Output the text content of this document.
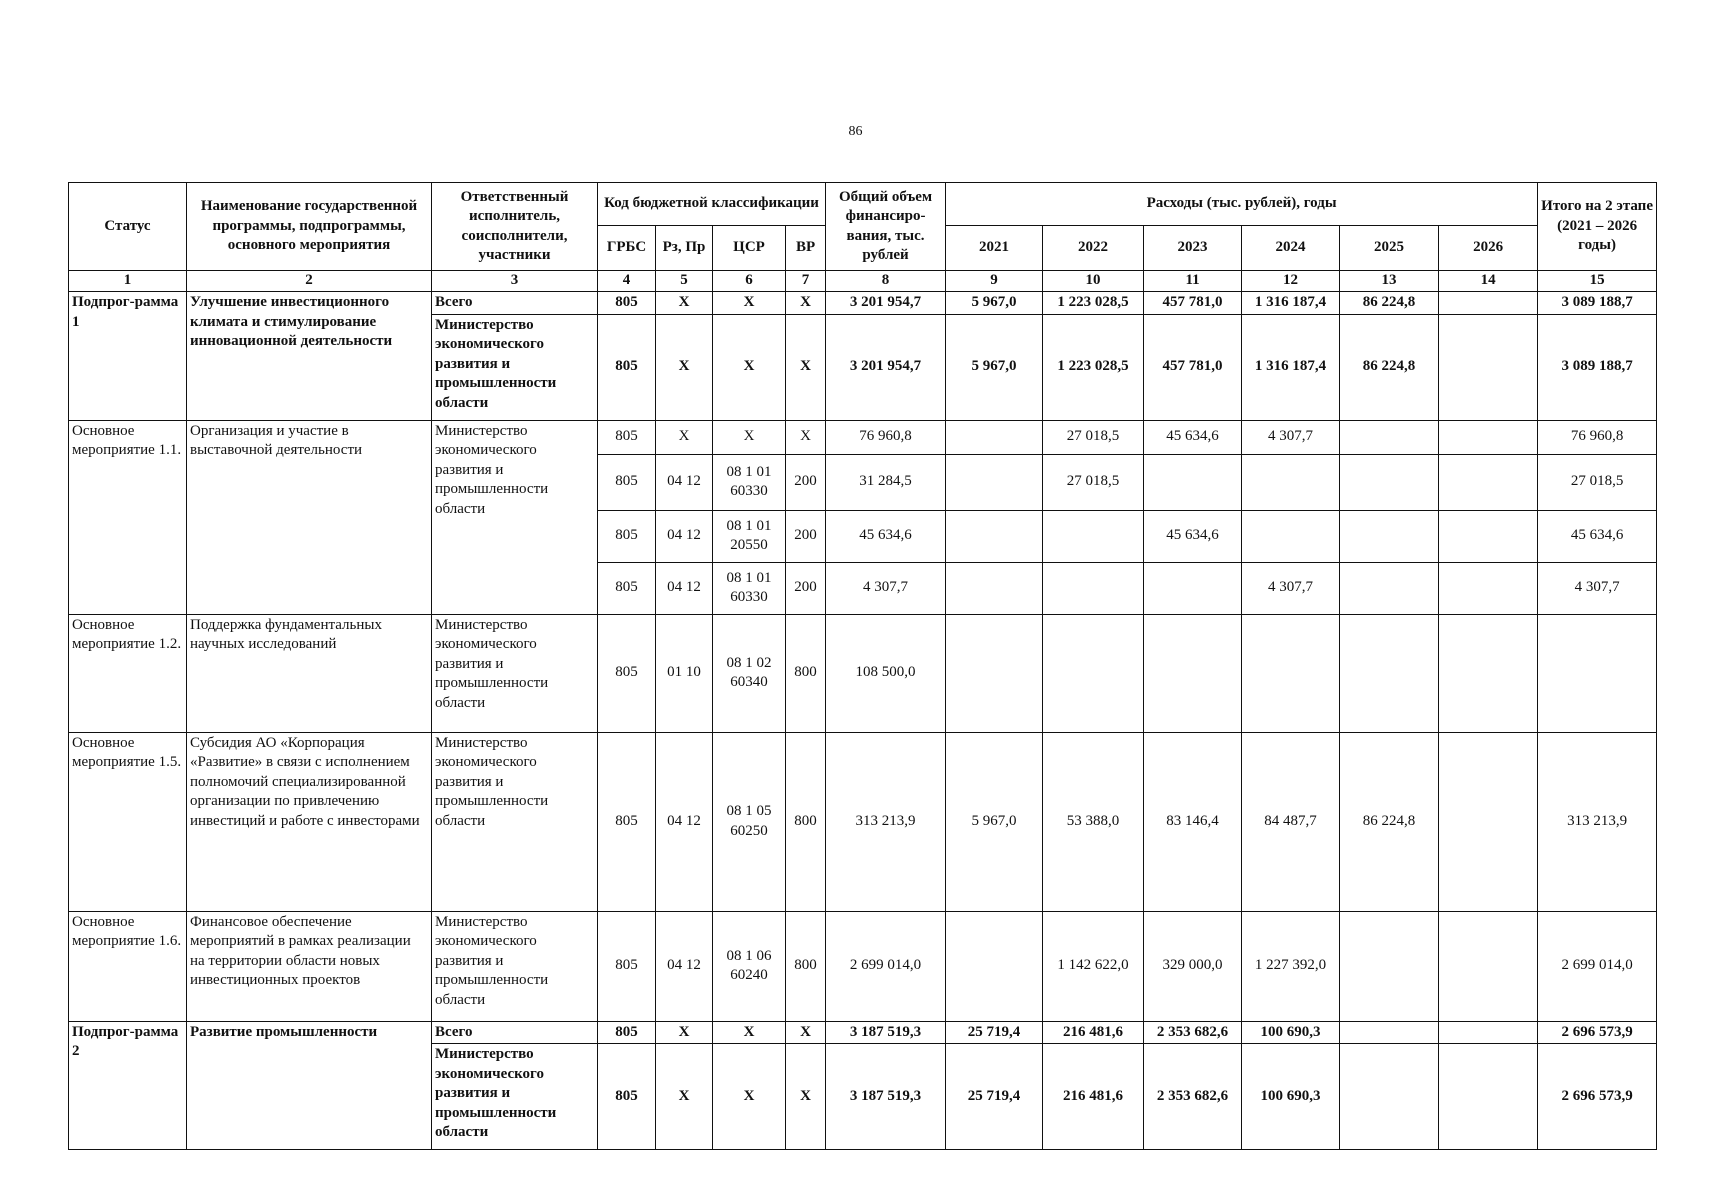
86
Статус	Наименование государственной программы, подпрограммы, основного мероприятия	Ответственный исполнитель, соисполнители, участники	Код бюджетной классификации				Общий объем финансиро-вания, тыс. рублей	Расходы (тыс. рублей), годы						Итого на 2 этапе (2021 – 2026 годы)
			ГРБС	Рз, Пр	ЦСР	ВР		2021	2022	2023	2024	2025	2026	
1	2	3	4	5	6	7	8	9	10	11	12	13	14	15
Подпрог-рамма 1	Улучшение инвестиционного климата и стимулирование инновационной деятельности	Всего	805	Х	Х	Х	3 201 954,7	5 967,0	1 223 028,5	457 781,0	1 316 187,4	86 224,8		3 089 188,7
		Министерство экономического развития и промышленности области	805	Х	Х	Х	3 201 954,7	5 967,0	1 223 028,5	457 781,0	1 316 187,4	86 224,8		3 089 188,7
Основное мероприятие 1.1.	Организация и участие в выставочной деятельности	Министерство экономического развития и промышленности области	805	Х	Х	Х	76 960,8		27 018,5	45 634,6	4 307,7			76 960,8
			805	04 12	08 1 01 60330	200	31 284,5		27 018,5					27 018,5
			805	04 12	08 1 01 20550	200	45 634,6			45 634,6				45 634,6
			805	04 12	08 1 01 60330	200	4 307,7				4 307,7			4 307,7
Основное мероприятие 1.2.	Поддержка фундаментальных научных исследований	Министерство экономического развития и промышленности области	805	01 10	08 1 02 60340	800	108 500,0							
Основное мероприятие 1.5.	Субсидия АО «Корпорация «Развитие» в связи с исполнением полномочий специализированной организации по привлечению инвестиций и работе с инвесторами	Министерство экономического развития и промышленности области	805	04 12	08 1 05 60250	800	313 213,9	5 967,0	53 388,0	83 146,4	84 487,7	86 224,8		313 213,9
Основное мероприятие 1.6.	Финансовое обеспечение мероприятий в рамках реализации на территории области новых инвестиционных проектов	Министерство экономического развития и промышленности области	805	04 12	08 1 06 60240	800	2 699 014,0		1 142 622,0	329 000,0	1 227 392,0			2 699 014,0
Подпрог-рамма 2	Развитие промышленности	Всего	805	Х	Х	Х	3 187 519,3	25 719,4	216 481,6	2 353 682,6	100 690,3			2 696 573,9
		Министерство экономического развития и промышленности области	805	Х	Х	Х	3 187 519,3	25 719,4	216 481,6	2 353 682,6	100 690,3			2 696 573,9
